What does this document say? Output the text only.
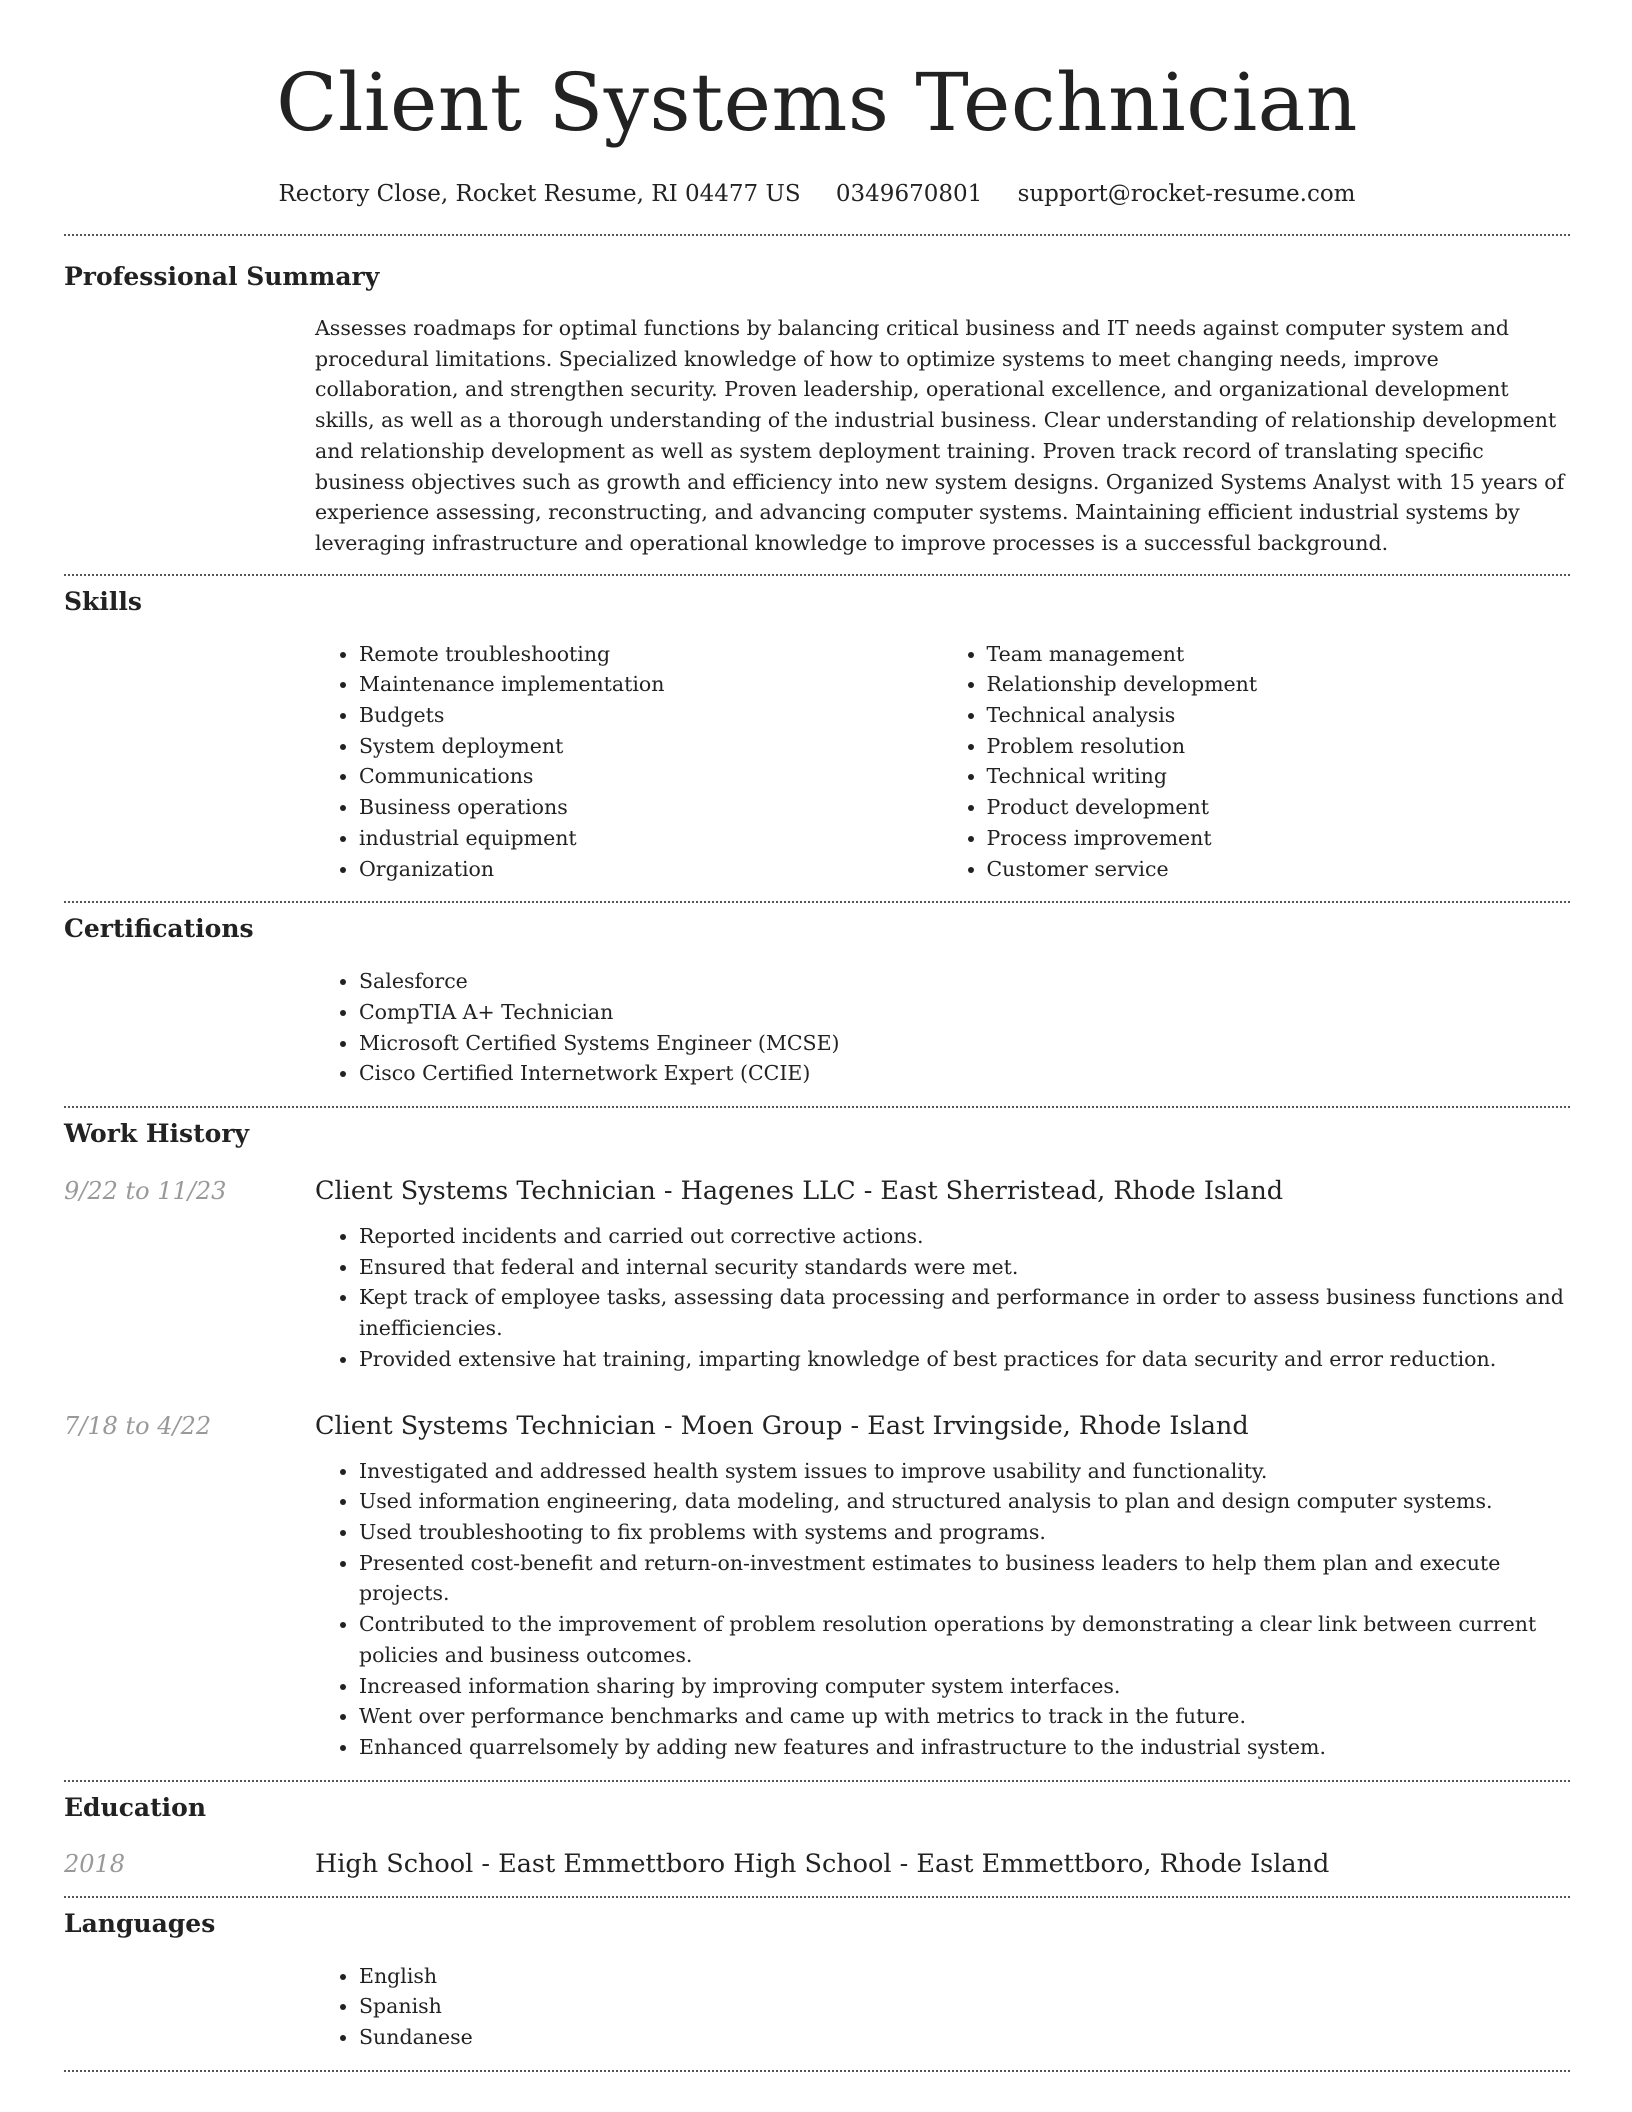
Client Systems Technician
Rectory Close, Rocket Resume, RI 04477 US 0349670801 support@rocket-resume.com
Professional Summary

Assesses roadmaps for optimal functions by balancing critical business and IT needs against computer system and procedural limitations. Specialized knowledge of how to optimize systems to meet changing needs, improve collaboration, and strengthen security. Proven leadership, operational excellence, and organizational development skills, as well as a thorough understanding of the industrial business. Clear understanding of relationship development and relationship development as well as system deployment training. Proven track record of translating specific business objectives such as growth and efficiency into new system designs. Organized Systems Analyst with 15 years of experience assessing, reconstructing, and advancing computer systems. Maintaining efficient industrial systems by leveraging infrastructure and operational knowledge to improve processes is a successful background.

Skills
• Remote troubleshooting
• Maintenance implementation
• Budgets
• System deployment
• Communications
• Business operations
• industrial equipment
• Organization
• Team management
• Relationship development
• Technical analysis
• Problem resolution
• Technical writing
• Product development
• Process improvement
• Customer service
Certifications
• Salesforce
• CompTIA A+ Technician
• Microsoft Certified Systems Engineer (MCSE)
• Cisco Certified Internetwork Expert (CCIE)
Work History
9/22 to 11/23	Client Systems Technician - Hagenes LLC - East Sherristead, Rhode Island
• Reported incidents and carried out corrective actions.
• Ensured that federal and internal security standards were met.
• Kept track of employee tasks, assessing data processing and performance in order to assess business functions and inefficiencies.
• Provided extensive hat training, imparting knowledge of best practices for data security and error reduction.
7/18 to 4/22	Client Systems Technician - Moen Group - East Irvingside, Rhode Island
• Investigated and addressed health system issues to improve usability and functionality.
• Used information engineering, data modeling, and structured analysis to plan and design computer systems.
• Used troubleshooting to fix problems with systems and programs.
• Presented cost-benefit and return-on-investment estimates to business leaders to help them plan and execute projects.
• Contributed to the improvement of problem resolution operations by demonstrating a clear link between current policies and business outcomes.
• Increased information sharing by improving computer system interfaces.
• Went over performance benchmarks and came up with metrics to track in the future.
• Enhanced quarrelsomely by adding new features and infrastructure to the industrial system.
Education
2018	High School - East Emmettboro High School - East Emmettboro, Rhode Island
Languages
• English
• Spanish
• Sundanese
